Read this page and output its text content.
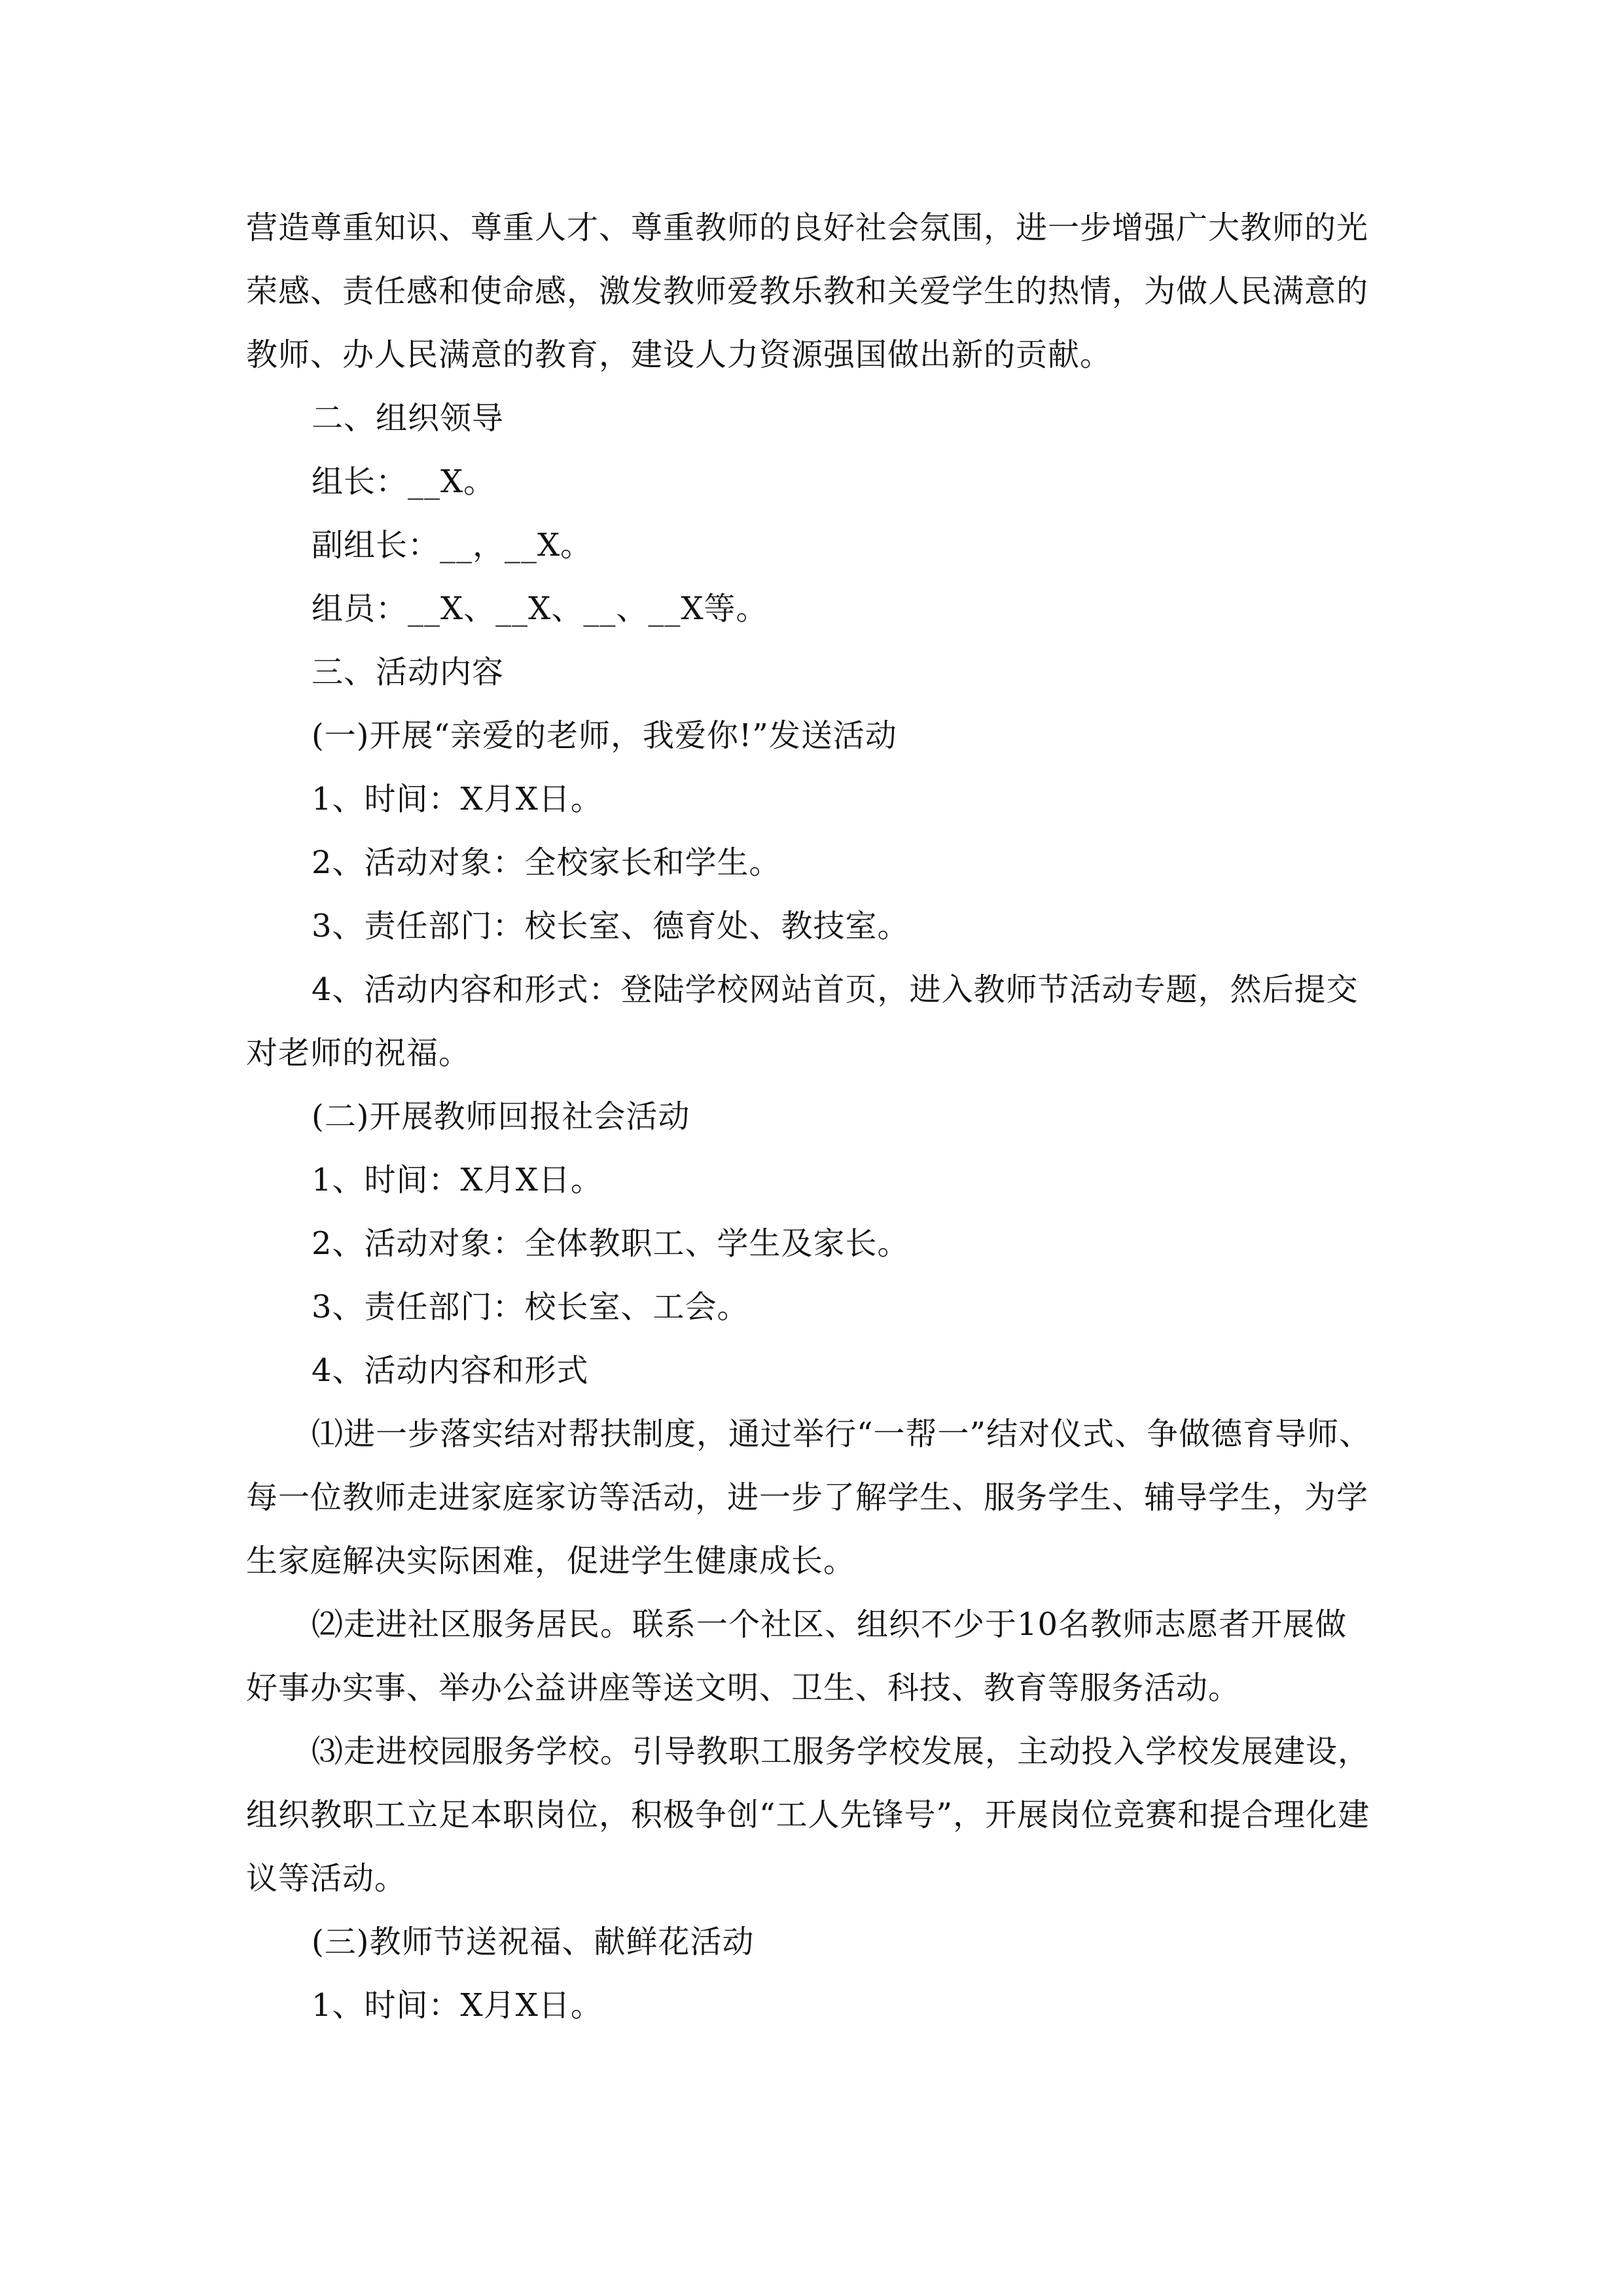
营造尊重知识、尊重人才、尊重教师的良好社会氛围，进一步增强广大教师的光荣感、责任感和使命感，激发教师爱教乐教和关爱学生的热情，为做人民满意的教师、办人民满意的教育，建设人力资源强国做出新的贡献。

二、组织领导

组长：__X。

副组长：__，__X。

组员：__X、__X、__、__X等。

三、活动内容

(一)开展“亲爱的老师，我爱你!”发送活动

1、时间：X月X日。

2、活动对象：全校家长和学生。

3、责任部门：校长室、德育处、教技室。

4、活动内容和形式：登陆学校网站首页，进入教师节活动专题，然后提交对老师的祝福。

(二)开展教师回报社会活动

1、时间：X月X日。

2、活动对象：全体教职工、学生及家长。

3、责任部门：校长室、工会。

4、活动内容和形式

⑴进一步落实结对帮扶制度，通过举行“一帮一”结对仪式、争做德育导师、每一位教师走进家庭家访等活动，进一步了解学生、服务学生、辅导学生，为学生家庭解决实际困难，促进学生健康成长。

⑵走进社区服务居民。联系一个社区、组织不少于10名教师志愿者开展做好事办实事、举办公益讲座等送文明、卫生、科技、教育等服务活动。

⑶走进校园服务学校。引导教职工服务学校发展，主动投入学校发展建设，组织教职工立足本职岗位，积极争创“工人先锋号”，开展岗位竞赛和提合理化建议等活动。

(三)教师节送祝福、献鲜花活动

1、时间：X月X日。
